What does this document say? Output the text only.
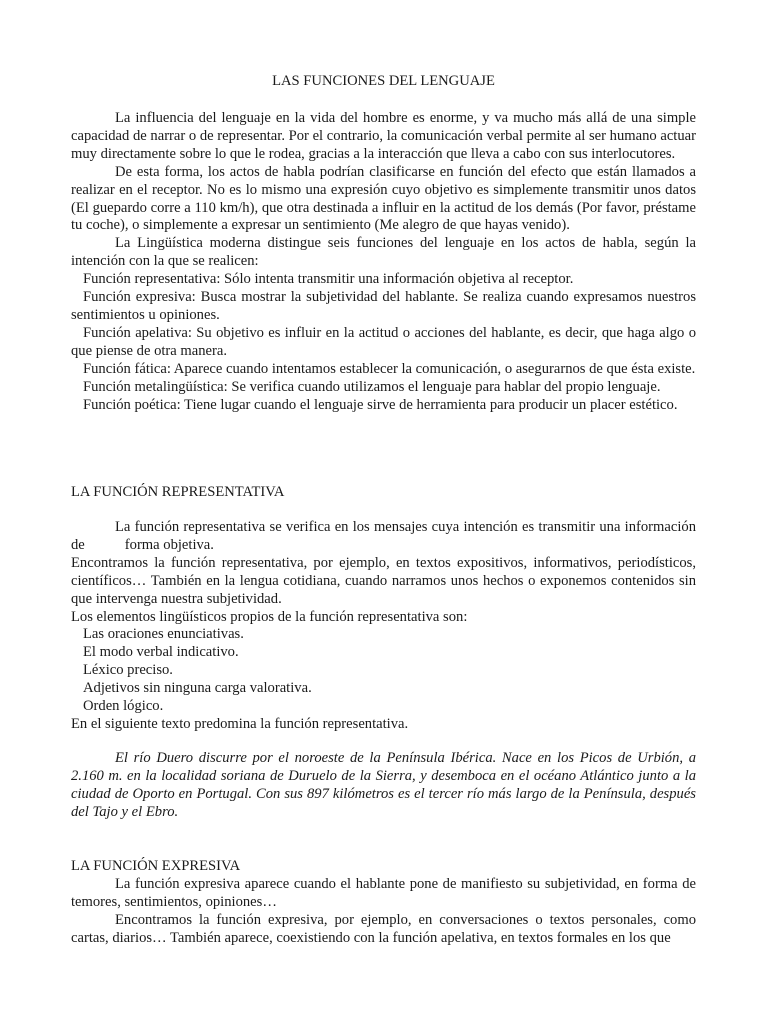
LAS FUNCIONES DEL LENGUAJE

La influencia del lenguaje en la vida del hombre es enorme, y va mucho más allá de una simple capacidad de narrar o de representar. Por el contrario, la comunicación verbal permite al ser humano actuar muy directamente sobre lo que le rodea, gracias a la interacción que lleva a cabo con sus interlocutores.

De esta forma, los actos de habla podrían clasificarse en función del efecto que están llamados a realizar en el receptor. No es lo mismo una expresión cuyo objetivo es simplemente transmitir unos datos (El guepardo corre a 110 km/h), que otra destinada a influir en la actitud de los demás (Por favor, préstame tu coche), o simplemente a expresar un sentimiento (Me alegro de que hayas venido).

La Lingüística moderna distingue seis funciones del lenguaje en los actos de habla, según la intención con la que se realicen:

Función representativa: Sólo intenta transmitir una información objetiva al receptor.

Función expresiva: Busca mostrar la subjetividad del hablante. Se realiza cuando expresamos nuestros sentimientos u opiniones.

Función apelativa: Su objetivo es influir en la actitud o acciones del hablante, es decir, que haga algo o que piense de otra manera.

Función fática: Aparece cuando intentamos establecer la comunicación, o asegurarnos de que ésta existe.

Función metalingüística: Se verifica cuando utilizamos el lenguaje para hablar del propio lenguaje.

Función poética: Tiene lugar cuando el lenguaje sirve de herramienta para producir un placer estético.

LA FUNCIÓN REPRESENTATIVA

La función representativa se verifica en los mensajes cuya intención es transmitir una información de	forma objetiva.

Encontramos la función representativa, por ejemplo, en textos expositivos, informativos, periodísticos, científicos… También en la lengua cotidiana, cuando narramos unos hechos o exponemos contenidos sin que intervenga nuestra subjetividad.

Los elementos lingüísticos propios de la función representativa son:

Las oraciones enunciativas.

El modo verbal indicativo.

Léxico preciso.

Adjetivos sin ninguna carga valorativa.

Orden lógico.

En el siguiente texto predomina la función representativa.

El río Duero discurre por el noroeste de la Península Ibérica. Nace en los Picos de Urbión, a 2.160 m. en la localidad soriana de Duruelo de la Sierra, y desemboca en el océano Atlántico junto a la ciudad de Oporto en Portugal. Con sus 897 kilómetros es el tercer río más largo de la Península, después del Tajo y el Ebro.

LA FUNCIÓN EXPRESIVA

La función expresiva aparece cuando el hablante pone de manifiesto su subjetividad, en forma de temores, sentimientos, opiniones…

Encontramos la función expresiva, por ejemplo, en conversaciones o textos personales, como cartas, diarios… También aparece, coexistiendo con la función apelativa, en textos formales en los que
